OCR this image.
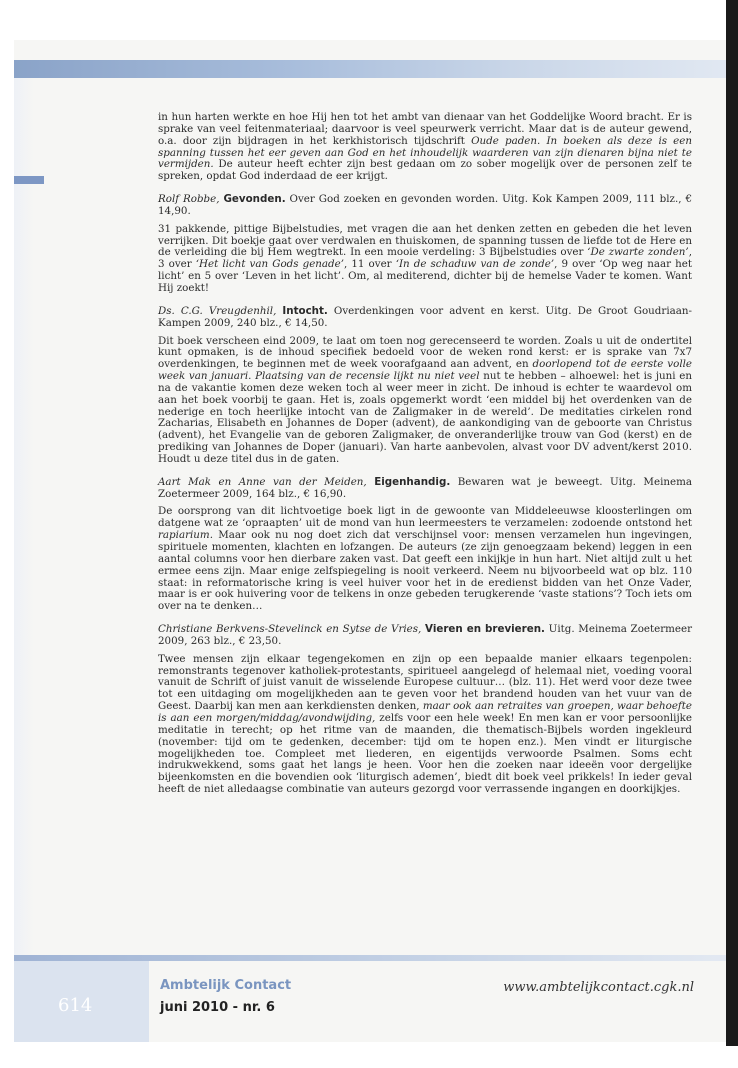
in hun harten werkte en hoe Hij hen tot het ambt van dienaar van het Goddelijke Woord bracht. Er is sprake van veel feitenmateriaal; daarvoor is veel speurwerk verricht. Maar dat is de auteur gewend, o.a. door zijn bijdragen in het kerkhistorisch tijdschrift Oude paden. In boeken als deze is een spanning tussen het eer geven aan God en het inhoudelijk waarderen van zijn dienaren bijna niet te vermijden. De auteur heeft echter zijn best gedaan om zo sober mogelijk over de personen zelf te spreken, opdat God inderdaad de eer krijgt.

Rolf Robbe, Gevonden. Over God zoeken en gevonden worden. Uitg. Kok Kampen 2009, 111 blz., € 14,90.

31 pakkende, pittige Bijbelstudies, met vragen die aan het denken zetten en gebeden die het leven verrijken. Dit boekje gaat over verdwalen en thuiskomen, de spanning tussen de liefde tot de Here en de verleiding die bij Hem wegtrekt. In een mooie verdeling: 3 Bijbelstudies over ‘De zwarte zonden’, 3 over ‘Het licht van Gods genade’, 11 over ‘In de schaduw van de zonde’, 9 over ‘Op weg naar het licht’ en 5 over ‘Leven in het licht’. Om, al mediterend, dichter bij de hemelse Vader te komen. Want Hij zoekt!

Ds. C.G. Vreugdenhil, Intocht. Overdenkingen voor advent en kerst. Uitg. De Groot Goudriaan-Kampen 2009, 240 blz., € 14,50.

Dit boek verscheen eind 2009, te laat om toen nog gerecenseerd te worden. Zoals u uit de ondertitel kunt opmaken, is de inhoud specifiek bedoeld voor de weken rond kerst: er is sprake van 7x7 overdenkingen, te beginnen met de week voorafgaand aan advent, en doorlopend tot de eerste volle week van januari. Plaatsing van de recensie lijkt nu niet veel nut te hebben – alhoewel: het is juni en na de vakantie komen deze weken toch al weer meer in zicht. De inhoud is echter te waardevol om aan het boek voorbij te gaan. Het is, zoals opgemerkt wordt ‘een middel bij het overdenken van de nederige en toch heerlijke intocht van de Zaligmaker in de wereld’. De meditaties cirkelen rond Zacharias, Elisabeth en Johannes de Doper (advent), de aankondiging van de geboorte van Christus (advent), het Evangelie van de geboren Zaligmaker, de onveranderlijke trouw van God (kerst) en de prediking van Johannes de Doper (januari). Van harte aanbevolen, alvast voor DV advent/kerst 2010. Houdt u deze titel dus in de gaten.

Aart Mak en Anne van der Meiden, Eigenhandig. Bewaren wat je beweegt. Uitg. Meinema Zoetermeer 2009, 164 blz., € 16,90.

De oorsprong van dit lichtvoetige boek ligt in de gewoonte van Middeleeuwse kloosterlingen om datgene wat ze ‘opraapten’ uit de mond van hun leermeesters te verzamelen: zodoende ontstond het rapiarium. Maar ook nu nog doet zich dat verschijnsel voor: mensen verzamelen hun ingevingen, spirituele momenten, klachten en lofzangen. De auteurs (ze zijn genoegzaam bekend) leggen in een aantal columns voor hen dierbare zaken vast. Dat geeft een inkijkje in hun hart. Niet altijd zult u het ermee eens zijn. Maar enige zelfspiegeling is nooit verkeerd. Neem nu bijvoorbeeld wat op blz. 110 staat: in reformatorische kring is veel huiver voor het in de eredienst bidden van het Onze Vader, maar is er ook huivering voor de telkens in onze gebeden terugkerende ‘vaste stations’? Toch iets om over na te denken…

Christiane Berkvens-Stevelinck en Sytse de Vries, Vieren en brevieren. Uitg. Meinema Zoetermeer 2009, 263 blz., € 23,50.

Twee mensen zijn elkaar tegengekomen en zijn op een bepaalde manier elkaars tegenpolen: remonstrants tegenover katholiek-protestants, spiritueel aangelegd of helemaal niet, voeding vooral vanuit de Schrift of juist vanuit de wisselende Europese cultuur… (blz. 11). Het werd voor deze twee tot een uitdaging om mogelijkheden aan te geven voor het brandend houden van het vuur van de Geest. Daarbij kan men aan kerkdiensten denken, maar ook aan retraites van groepen, waar behoefte is aan een morgen/middag/avondwijding, zelfs voor een hele week! En men kan er voor persoonlijke meditatie in terecht; op het ritme van de maanden, die thematisch-Bijbels worden ingekleurd (november: tijd om te gedenken, december: tijd om te hopen enz.). Men vindt er liturgische mogelijkheden toe. Compleet met liederen, en eigentijds verwoorde Psalmen. Soms echt indrukwekkend, soms gaat het langs je heen. Voor hen die zoeken naar ideeën voor dergelijke bijeenkomsten en die bovendien ook ‘liturgisch ademen’, biedt dit boek veel prikkels! In ieder geval heeft de niet alledaagse combinatie van auteurs gezorgd voor verrassende ingangen en doorkijkjes.

614
Ambtelijk Contact
juni 2010 - nr. 6
www.ambtelijkcontact.cgk.nl
